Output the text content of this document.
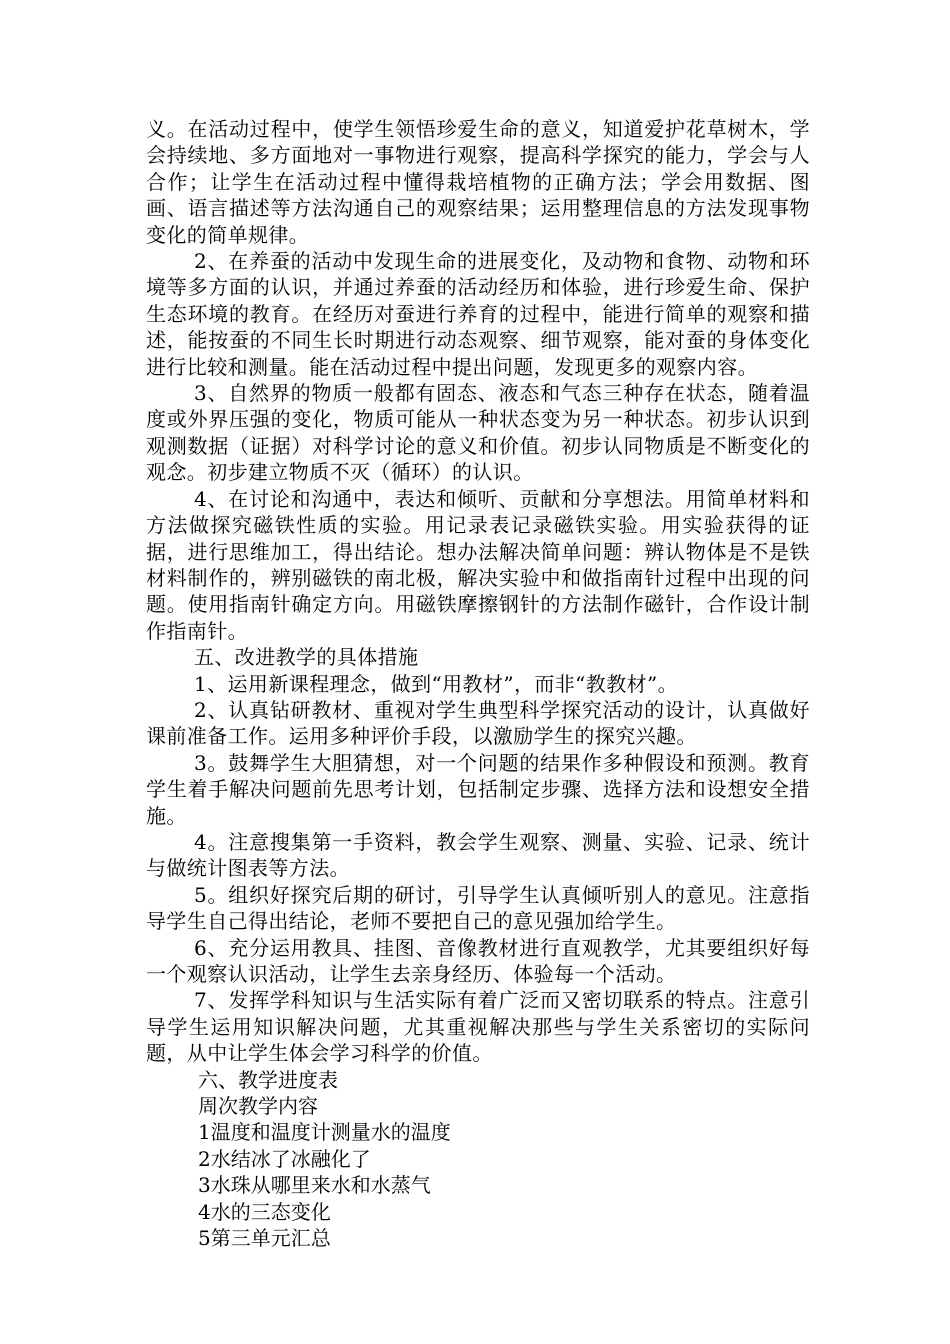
义。在活动过程中，使学生领悟珍爱生命的意义，知道爱护花草树木，学会持续地、多方面地对一事物进行观察，提高科学探究的能力，学会与人合作；让学生在活动过程中懂得栽培植物的正确方法；学会用数据、图画、语言描述等方法沟通自己的观察结果；运用整理信息的方法发现事物变化的简单规律。

2、在养蚕的活动中发现生命的进展变化，及动物和食物、动物和环境等多方面的认识，并通过养蚕的活动经历和体验，进行珍爱生命、保护生态环境的教育。在经历对蚕进行养育的过程中，能进行简单的观察和描述，能按蚕的不同生长时期进行动态观察、细节观察，能对蚕的身体变化进行比较和测量。能在活动过程中提出问题，发现更多的观察内容。

3、自然界的物质一般都有固态、液态和气态三种存在状态，随着温度或外界压强的变化，物质可能从一种状态变为另一种状态。初步认识到观测数据（证据）对科学讨论的意义和价值。初步认同物质是不断变化的观念。初步建立物质不灭（循环）的认识。

4、在讨论和沟通中，表达和倾听、贡献和分享想法。用简单材料和方法做探究磁铁性质的实验。用记录表记录磁铁实验。用实验获得的证据，进行思维加工，得出结论。想办法解决简单问题：辨认物体是不是铁材料制作的，辨别磁铁的南北极，解决实验中和做指南针过程中出现的问题。使用指南针确定方向。用磁铁摩擦钢针的方法制作磁针，合作设计制作指南针。

五、改进教学的具体措施

1、运用新课程理念，做到“用教材”，而非“教教材”。

2、认真钻研教材、重视对学生典型科学探究活动的设计，认真做好课前准备工作。运用多种评价手段，以激励学生的探究兴趣。

3。鼓舞学生大胆猜想，对一个问题的结果作多种假设和预测。教育学生着手解决问题前先思考计划，包括制定步骤、选择方法和设想安全措施。

4。注意搜集第一手资料，教会学生观察、测量、实验、记录、统计与做统计图表等方法。

5。组织好探究后期的研讨，引导学生认真倾听别人的意见。注意指导学生自己得出结论，老师不要把自己的意见强加给学生。

6、充分运用教具、挂图、音像教材进行直观教学，尤其要组织好每一个观察认识活动，让学生去亲身经历、体验每一个活动。

7、发挥学科知识与生活实际有着广泛而又密切联系的特点。注意引导学生运用知识解决问题，尤其重视解决那些与学生关系密切的实际问题，从中让学生体会学习科学的价值。

六、教学进度表

周次教学内容

1温度和温度计测量水的温度

2水结冰了冰融化了

3水珠从哪里来水和水蒸气

4水的三态变化

5第三单元汇总
